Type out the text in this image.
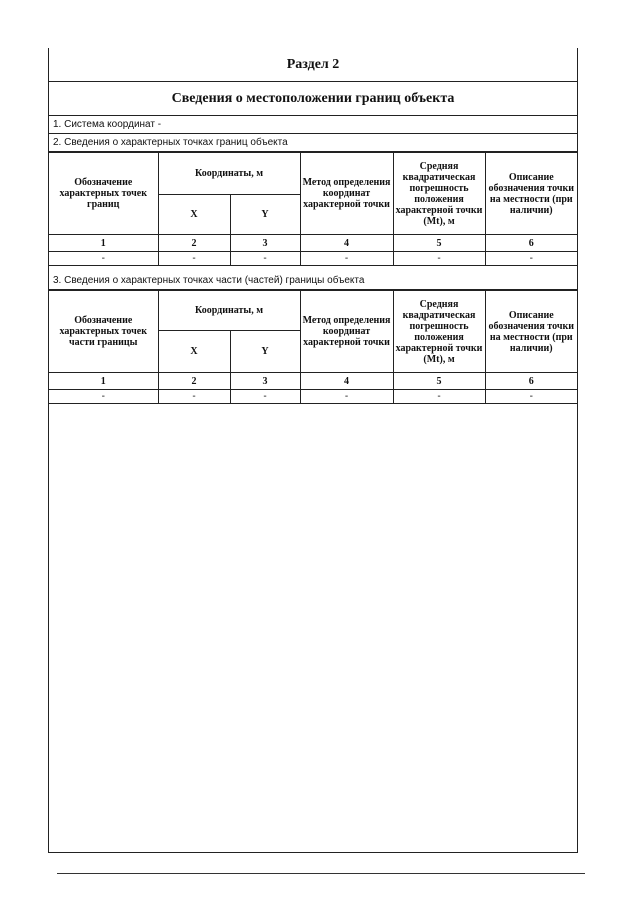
Раздел 2
Сведения о местоположении границ объекта
1. Система координат -
2. Сведения о характерных точках границ объекта
Обозначение характерных точек границ	Координаты, м		Метод определения координат характерной точки	Средняя квадратическая погрешность положения характерной точки (Mt), м	Описание обозначения точки на местности (при наличии)
	X	Y			
1	2	3	4	5	6
-	-	-	-	-	-
3. Сведения о характерных точках части (частей) границы объекта
Обозначение характерных точек части границы	Координаты, м		Метод определения координат характерной точки	Средняя квадратическая погрешность положения характерной точки (Mt), м	Описание обозначения точки на местности (при наличии)
	X	Y			
1	2	3	4	5	6
-	-	-	-	-	-
